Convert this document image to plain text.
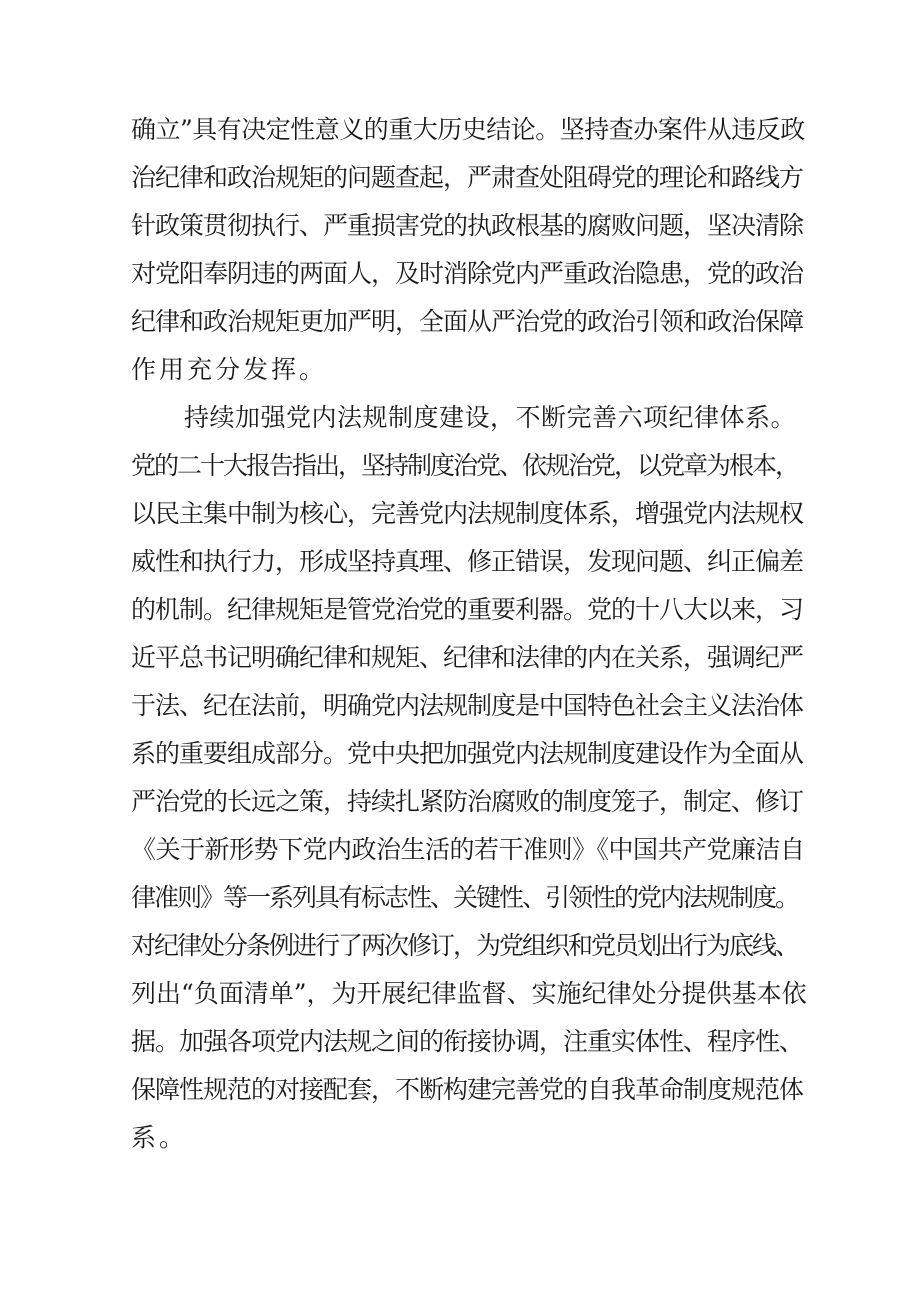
确立”具有决定性意义的重大历史结论。坚持查办案件从违反政
治纪律和政治规矩的问题查起，严肃查处阻碍党的理论和路线方
针政策贯彻执行、严重损害党的执政根基的腐败问题，坚决清除
对党阳奉阴违的两面人，及时消除党内严重政治隐患，党的政治
纪律和政治规矩更加严明，全面从严治党的政治引领和政治保障
作用充分发挥。
持续加强党内法规制度建设，不断完善六项纪律体系。
党的二十大报告指出，坚持制度治党、依规治党，以党章为根本，
以民主集中制为核心，完善党内法规制度体系，增强党内法规权
威性和执行力，形成坚持真理、修正错误，发现问题、纠正偏差
的机制。纪律规矩是管党治党的重要利器。党的十八大以来，习
近平总书记明确纪律和规矩、纪律和法律的内在关系，强调纪严
于法、纪在法前，明确党内法规制度是中国特色社会主义法治体
系的重要组成部分。党中央把加强党内法规制度建设作为全面从
严治党的长远之策，持续扎紧防治腐败的制度笼子，制定、修订
《关于新形势下党内政治生活的若干准则》《中国共产党廉洁自
律准则》等一系列具有标志性、关键性、引领性的党内法规制度。
对纪律处分条例进行了两次修订，为党组织和党员划出行为底线、
列出“负面清单”，为开展纪律监督、实施纪律处分提供基本依
据。加强各项党内法规之间的衔接协调，注重实体性、程序性、
保障性规范的对接配套，不断构建完善党的自我革命制度规范体
系。
